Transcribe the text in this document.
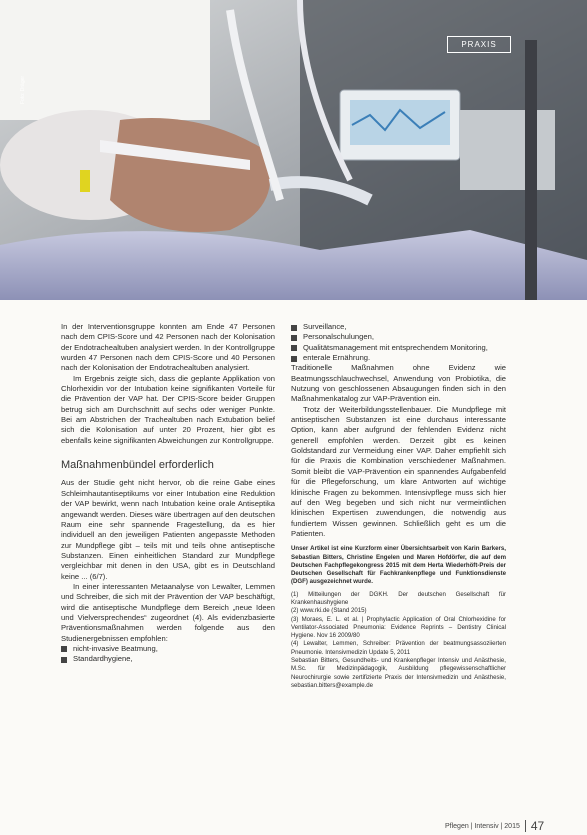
PRAXIS
Foto: Dräger

In der Interventionsgruppe konnten am Ende 47 Personen nach dem CPIS-Score und 42 Personen nach der Kolonisation der Endotrachealtuben analysiert werden. In der Kontrollgruppe wurden 47 Personen nach dem CPIS-Score und 40 Personen nach der Kolonisation der Endotrachealtuben analysiert.

Im Ergebnis zeigte sich, dass die geplante Applikation von Chlorhexidin vor der Intubation keine signifikanten Vorteile für die Prävention der VAP hat. Der CPIS-Score beider Gruppen betrug sich am Durchschnitt auf sechs oder weniger Punkte. Bei am Abstrichen der Trachealtuben nach Extubation belief sich die Kolonisation auf unter 20 Prozent, hier gibt es ebenfalls keine signifikanten Abweichungen zur Kontrollgruppe.

Maßnahmenbündel erforderlich

Aus der Studie geht nicht hervor, ob die reine Gabe eines Schleimhautantiseptikums vor einer Intubation eine Reduktion der VAP bewirkt, wenn nach Intubation keine orale Antiseptika angewandt werden. Dieses wäre übertragen auf den deutschen Raum eine sehr spannende Fragestellung, da es hier individuell an den jeweiligen Patienten angepasste Methoden zur Mundpflege gibt – teils mit und teils ohne antiseptische Substanzen. Einen einheitlichen Standard zur Mundpflege vergleichbar mit denen in den USA, gibt es in Deutschland keine ... (6/7).

In einer interessanten Metaanalyse von Lewalter, Lemmen und Schreiber, die sich mit der Prävention der VAP beschäftigt, wird die antiseptische Mundpflege dem Bereich „neue Ideen und Vielversprechendes“ zugeordnet (4). Als evidenzbasierte Präventionsmaßnahmen werden folgende aus den Studienergebnissen empfohlen:

nicht-invasive Beatmung,
Standardhygiene,
Surveillance,
Personalschulungen,
Qualitätsmanagement mit entsprechendem Monitoring,
enterale Ernährung.

Traditionelle Maßnahmen ohne Evidenz wie Beatmungsschlauchwechsel, Anwendung von Probiotika, die Nutzung von geschlossenen Absaugungen finden sich in den Maßnahmenkatalog zur VAP-Prävention ein.

Trotz der Weiterbildungsstellenbauer. Die Mundpflege mit antiseptischen Substanzen ist eine durchaus interessante Option, kann aber aufgrund der fehlenden Evidenz nicht generell empfohlen werden. Derzeit gibt es keinen Goldstandard zur Vermeidung einer VAP. Daher empfiehlt sich für die Praxis die Kombination verschiedener Maßnahmen. Somit bleibt die VAP-Prävention ein spannendes Aufgabenfeld für die Pflegeforschung, um klare Antworten auf wichtige klinische Fragen zu bekommen. Intensivpflege muss sich hier auf den Weg begeben und sich nicht nur vermeintlichen klinischen Expertisen zuwendungen, die notwendig aus fundiertem Wissen gewinnen. Schließlich geht es um die Patienten.

Unser Artikel ist eine Kurzform einer Übersichtsarbeit von Karin Barkers, Sebastian Bitters, Christine Engelen und Maren Hofdörfer, die auf dem Deutschen Fachpflegekongress 2015 mit dem Herta Wiederhöft-Preis der Deutschen Gesellschaft für Fachkrankenpflege und Funktionsdienste (DGF) ausgezeichnet wurde.

(1) Mitteilungen der DGKH. Der deutschen Gesellschaft für Krankenhaushygiene

(2) www.rki.de (Stand 2015)

(3) Moraes, E. L. et al. | Prophylactic Application of Oral Chlorhexidine for Ventilator-Associated Pneumonia: Evidence Reprints – Dentistry Clinical Hygiene. Nov 16 2009/80

(4) Lewalter, Lemmen, Schreiber: Prävention der beatmungsassoziierten Pneumonie. Intensivmedizin Update 5, 2011

Sebastian Bitters, Gesundheits- und Krankenpfleger Intensiv und Anästhesie, M.Sc. für Medizinpädagogik, Ausbildung pflegewissenschaftlicher Neurochirurgie sowie zertifizierte Praxis der Intensivmedizin und Anästhesie, sebastian.bitters@example.de

Pflegen | Intensiv | 2015 47
